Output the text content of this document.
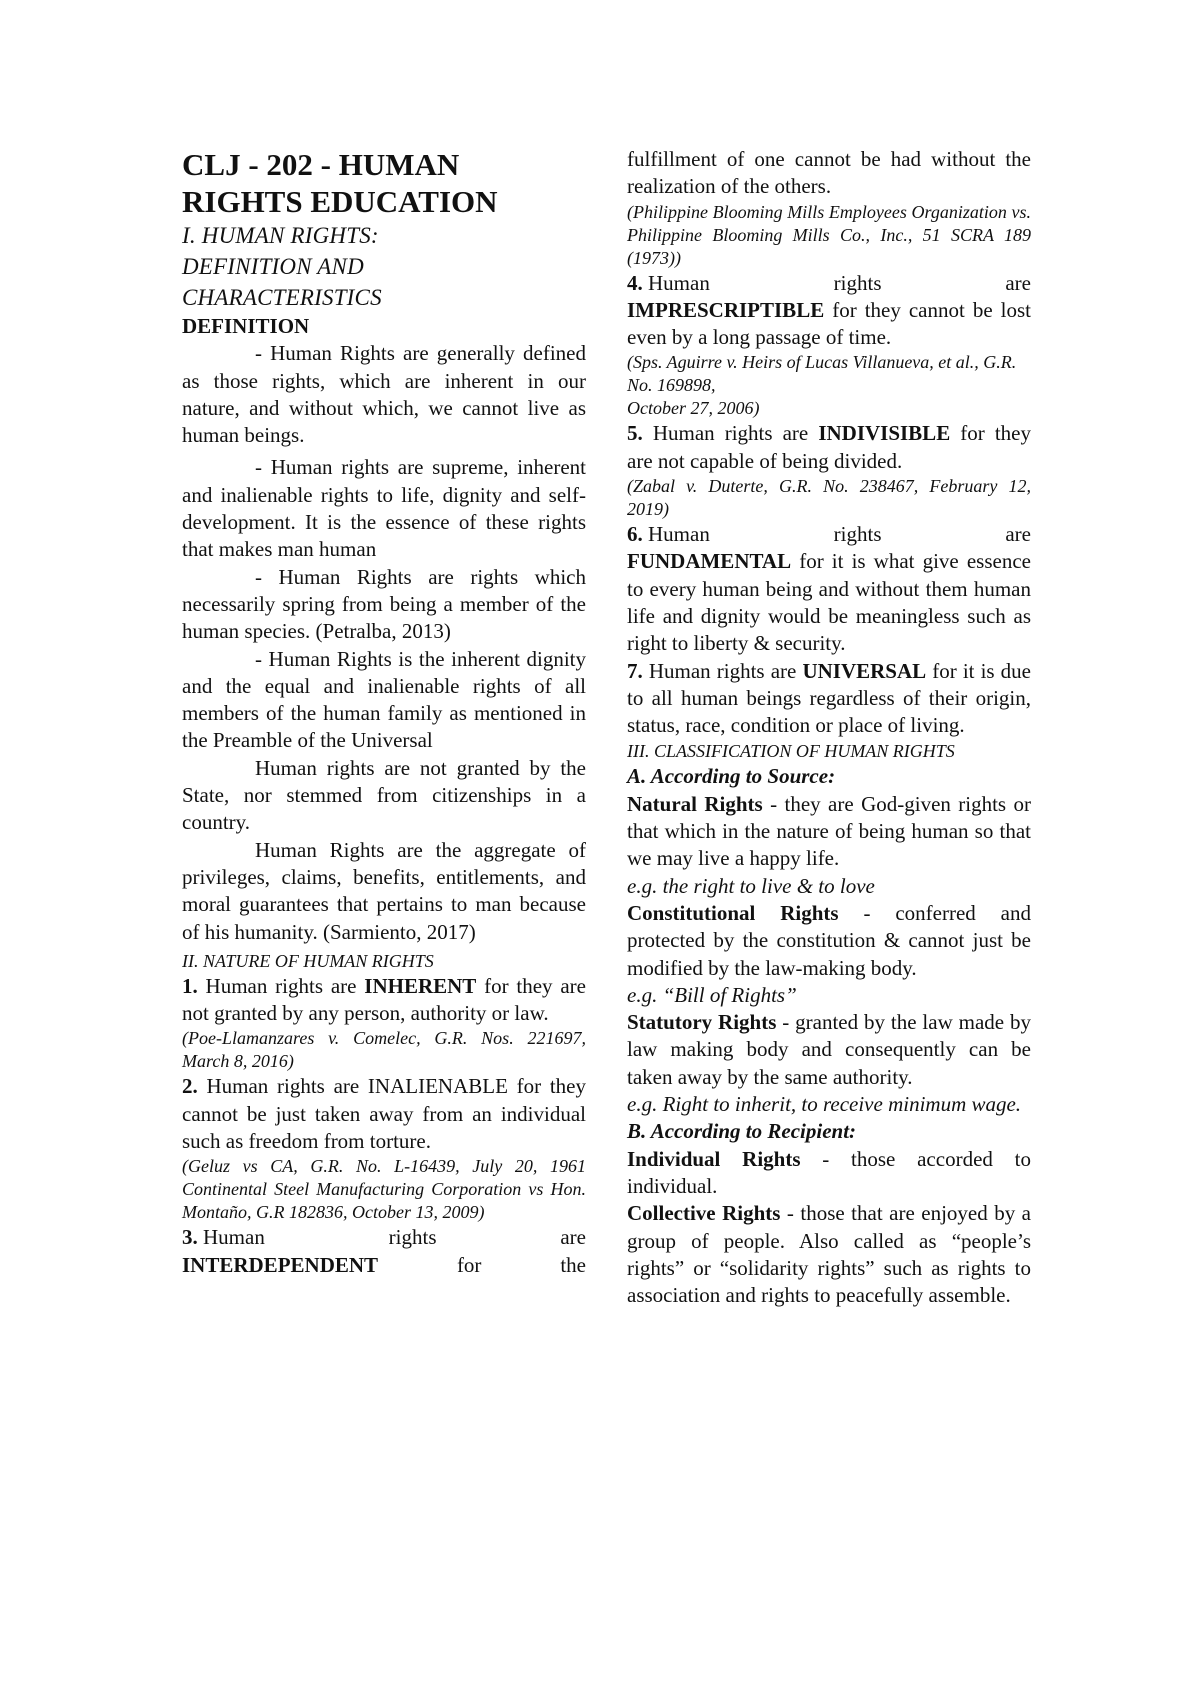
CLJ - 202 - HUMAN
RIGHTS EDUCATION

I. HUMAN RIGHTS:
DEFINITION AND
CHARACTERISTICS

DEFINITION

- Human Rights are generally defined as those rights, which are inherent in our nature, and without which, we cannot live as human beings.

- Human rights are supreme, inherent and inalienable rights to life, dignity and self- development. It is the essence of these rights that makes man human

- Human Rights are rights which necessarily spring from being a member of the human species. (Petralba, 2013)

- Human Rights is the inherent dignity and the equal and inalienable rights of all members of the human family as mentioned in the Preamble of the Universal

Human rights are not granted by the State, nor stemmed from citizenships in a country.

Human Rights are the aggregate of privileges, claims, benefits, entitlements, and moral guarantees that pertains to man because of his humanity. (Sarmiento, 2017)

II. NATURE OF HUMAN RIGHTS

1. Human rights are INHERENT for they are not granted by any person, authority or law.

(Poe-Llamanzares v. Comelec, G.R. Nos. 221697, March 8, 2016)

2. Human rights are INALIENABLE for they cannot be just taken away from an individual such as freedom from torture.

(Geluz vs CA, G.R. No. L-16439, July 20, 1961 Continental Steel Manufacturing Corporation vs Hon. Montaño, G.R 182836, October 13, 2009)

3. Human	rights	are
INTERDEPENDENT	for	the

fulfillment of one cannot be had without the realization of the others.

(Philippine Blooming Mills Employees Organization vs. Philippine Blooming Mills Co., Inc., 51 SCRA 189 (1973))

4. Human	rights	are

IMPRESCRIPTIBLE for they cannot be lost even by a long passage of time.

(Sps. Aguirre v. Heirs of Lucas Villanueva, et al., G.R. No. 169898,
October 27, 2006)

5. Human rights are INDIVISIBLE for they are not capable of being divided.

(Zabal v. Duterte, G.R. No. 238467, February 12, 2019)

6. Human	rights	are

FUNDAMENTAL for it is what give essence to every human being and without them human life and dignity would be meaningless such as right to liberty & security.

7. Human rights are UNIVERSAL for it is due to all human beings regardless of their origin, status, race, condition or place of living.

III. CLASSIFICATION OF HUMAN RIGHTS

A. According to Source:

Natural Rights - they are God-given rights or that which in the nature of being human so that we may live a happy life.

e.g. the right to live & to love

Constitutional Rights - conferred and protected by the constitution & cannot just be modified by the law-making body.

e.g. “Bill of Rights”

Statutory Rights - granted by the law made by law making body and consequently can be taken away by the same authority.

e.g. Right to inherit, to receive minimum wage.

B. According to Recipient:

Individual Rights - those accorded to individual.

Collective Rights - those that are enjoyed by a group of people. Also called as “people’s rights” or “solidarity rights” such as rights to association and rights to peacefully assemble.
